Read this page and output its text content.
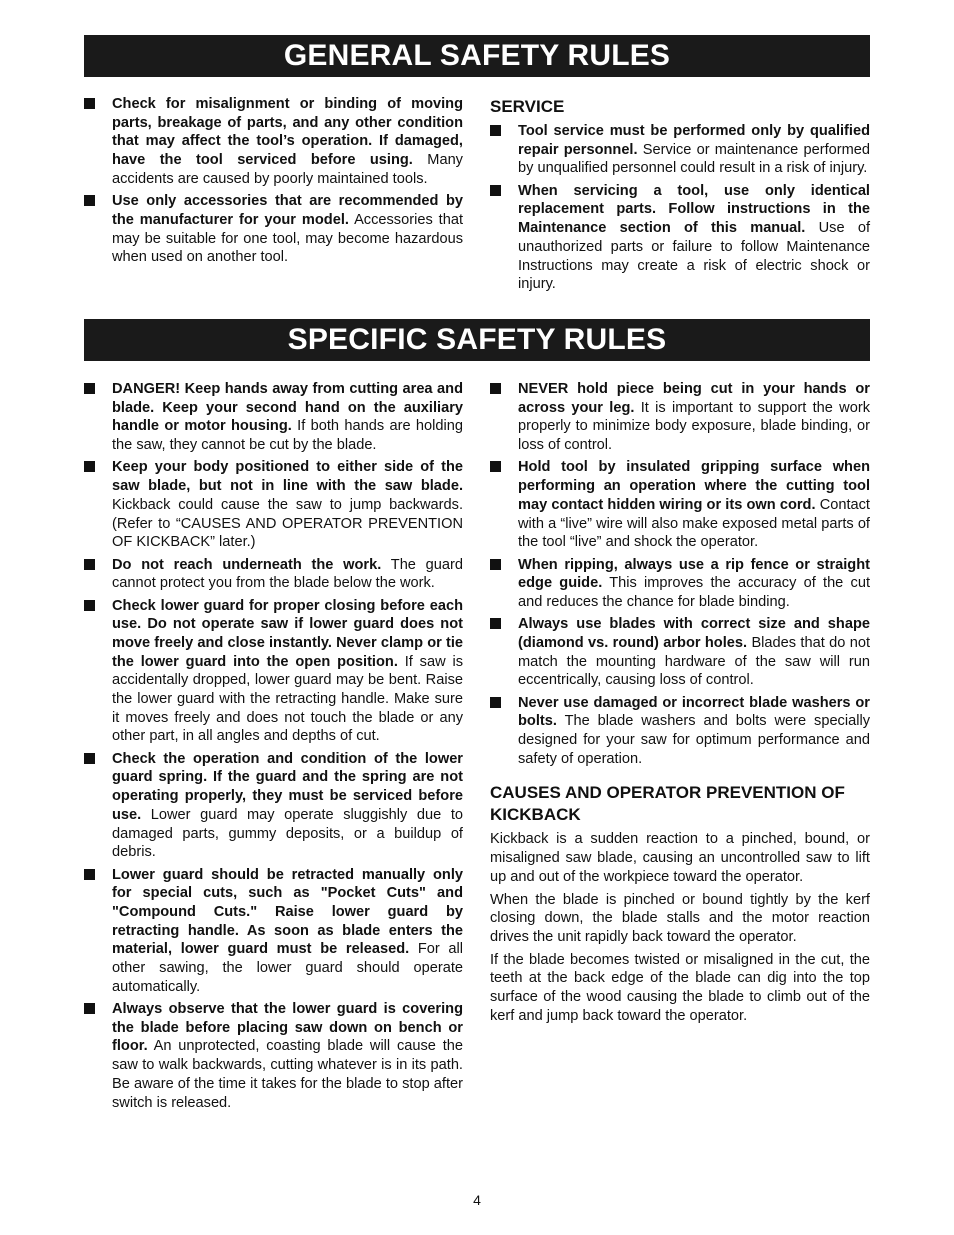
GENERAL SAFETY RULES
Check for misalignment or binding of moving parts, breakage of parts, and any other condition that may affect the tool’s operation. If damaged, have the tool serviced before using. Many accidents are caused by poorly maintained tools.
Use only accessories that are recommended by the manufacturer for your model. Accessories that may be suitable for one tool, may become hazardous when used on another tool.
SERVICE
Tool service must be performed only by qualified repair personnel. Service or maintenance performed by unqualified personnel could result in a risk of injury.
When servicing a tool, use only identical replacement parts. Follow instructions in the Maintenance section of this manual. Use of unauthorized parts or failure to follow Maintenance Instructions may create a risk of electric shock or injury.
SPECIFIC SAFETY RULES
DANGER! Keep hands away from cutting area and blade. Keep your second hand on the auxiliary handle or motor housing. If both hands are holding the saw, they cannot be cut by the blade.
Keep your body positioned to either side of the saw blade, but not in line with the saw blade. Kickback could cause the saw to jump backwards. (Refer to “CAUSES AND OPERATOR PREVENTION OF KICKBACK” later.)
Do not reach underneath the work. The guard cannot protect you from the blade below the work.
Check lower guard for proper closing before each use. Do not operate saw if lower guard does not move freely and close instantly. Never clamp or tie the lower guard into the open position. If saw is accidentally dropped, lower guard may be bent. Raise the lower guard with the retracting handle. Make sure it moves freely and does not touch the blade or any other part, in all angles and depths of cut.
Check the operation and condition of the lower guard spring. If the guard and the spring are not operating properly, they must be serviced before use. Lower guard may operate sluggishly due to damaged parts, gummy deposits, or a buildup of debris.
Lower guard should be retracted manually only for special cuts, such as "Pocket Cuts" and "Compound Cuts." Raise lower guard by retracting handle. As soon as blade enters the material, lower guard must be released. For all other sawing, the lower guard should operate automatically.
Always observe that the lower guard is covering the blade before placing saw down on bench or floor. An unprotected, coasting blade will cause the saw to walk backwards, cutting whatever is in its path. Be aware of the time it takes for the blade to stop after switch is released.
NEVER hold piece being cut in your hands or across your leg. It is important to support the work properly to minimize body exposure, blade binding, or loss of control.
Hold tool by insulated gripping surface when performing an operation where the cutting tool may contact hidden wiring or its own cord. Contact with a “live” wire will also make exposed metal parts of the tool “live” and shock the operator.
When ripping, always use a rip fence or straight edge guide. This improves the accuracy of the cut and reduces the chance for blade binding.
Always use blades with correct size and shape (diamond vs. round) arbor holes. Blades that do not match the mounting hardware of the saw will run eccentrically, causing loss of control.
Never use damaged or incorrect blade washers or bolts. The blade washers and bolts were specially designed for your saw for optimum performance and safety of operation.
CAUSES AND OPERATOR PREVENTION OF KICKBACK
Kickback is a sudden reaction to a pinched, bound, or misaligned saw blade, causing an uncontrolled saw to lift up and out of the workpiece toward the operator.
When the blade is pinched or bound tightly by the kerf closing down, the blade stalls and the motor reaction drives the unit rapidly back toward the operator.
If the blade becomes twisted or misaligned in the cut, the teeth at the back edge of the blade can dig into the top surface of the wood causing the blade to climb out of the kerf and jump back toward the operator.
4
